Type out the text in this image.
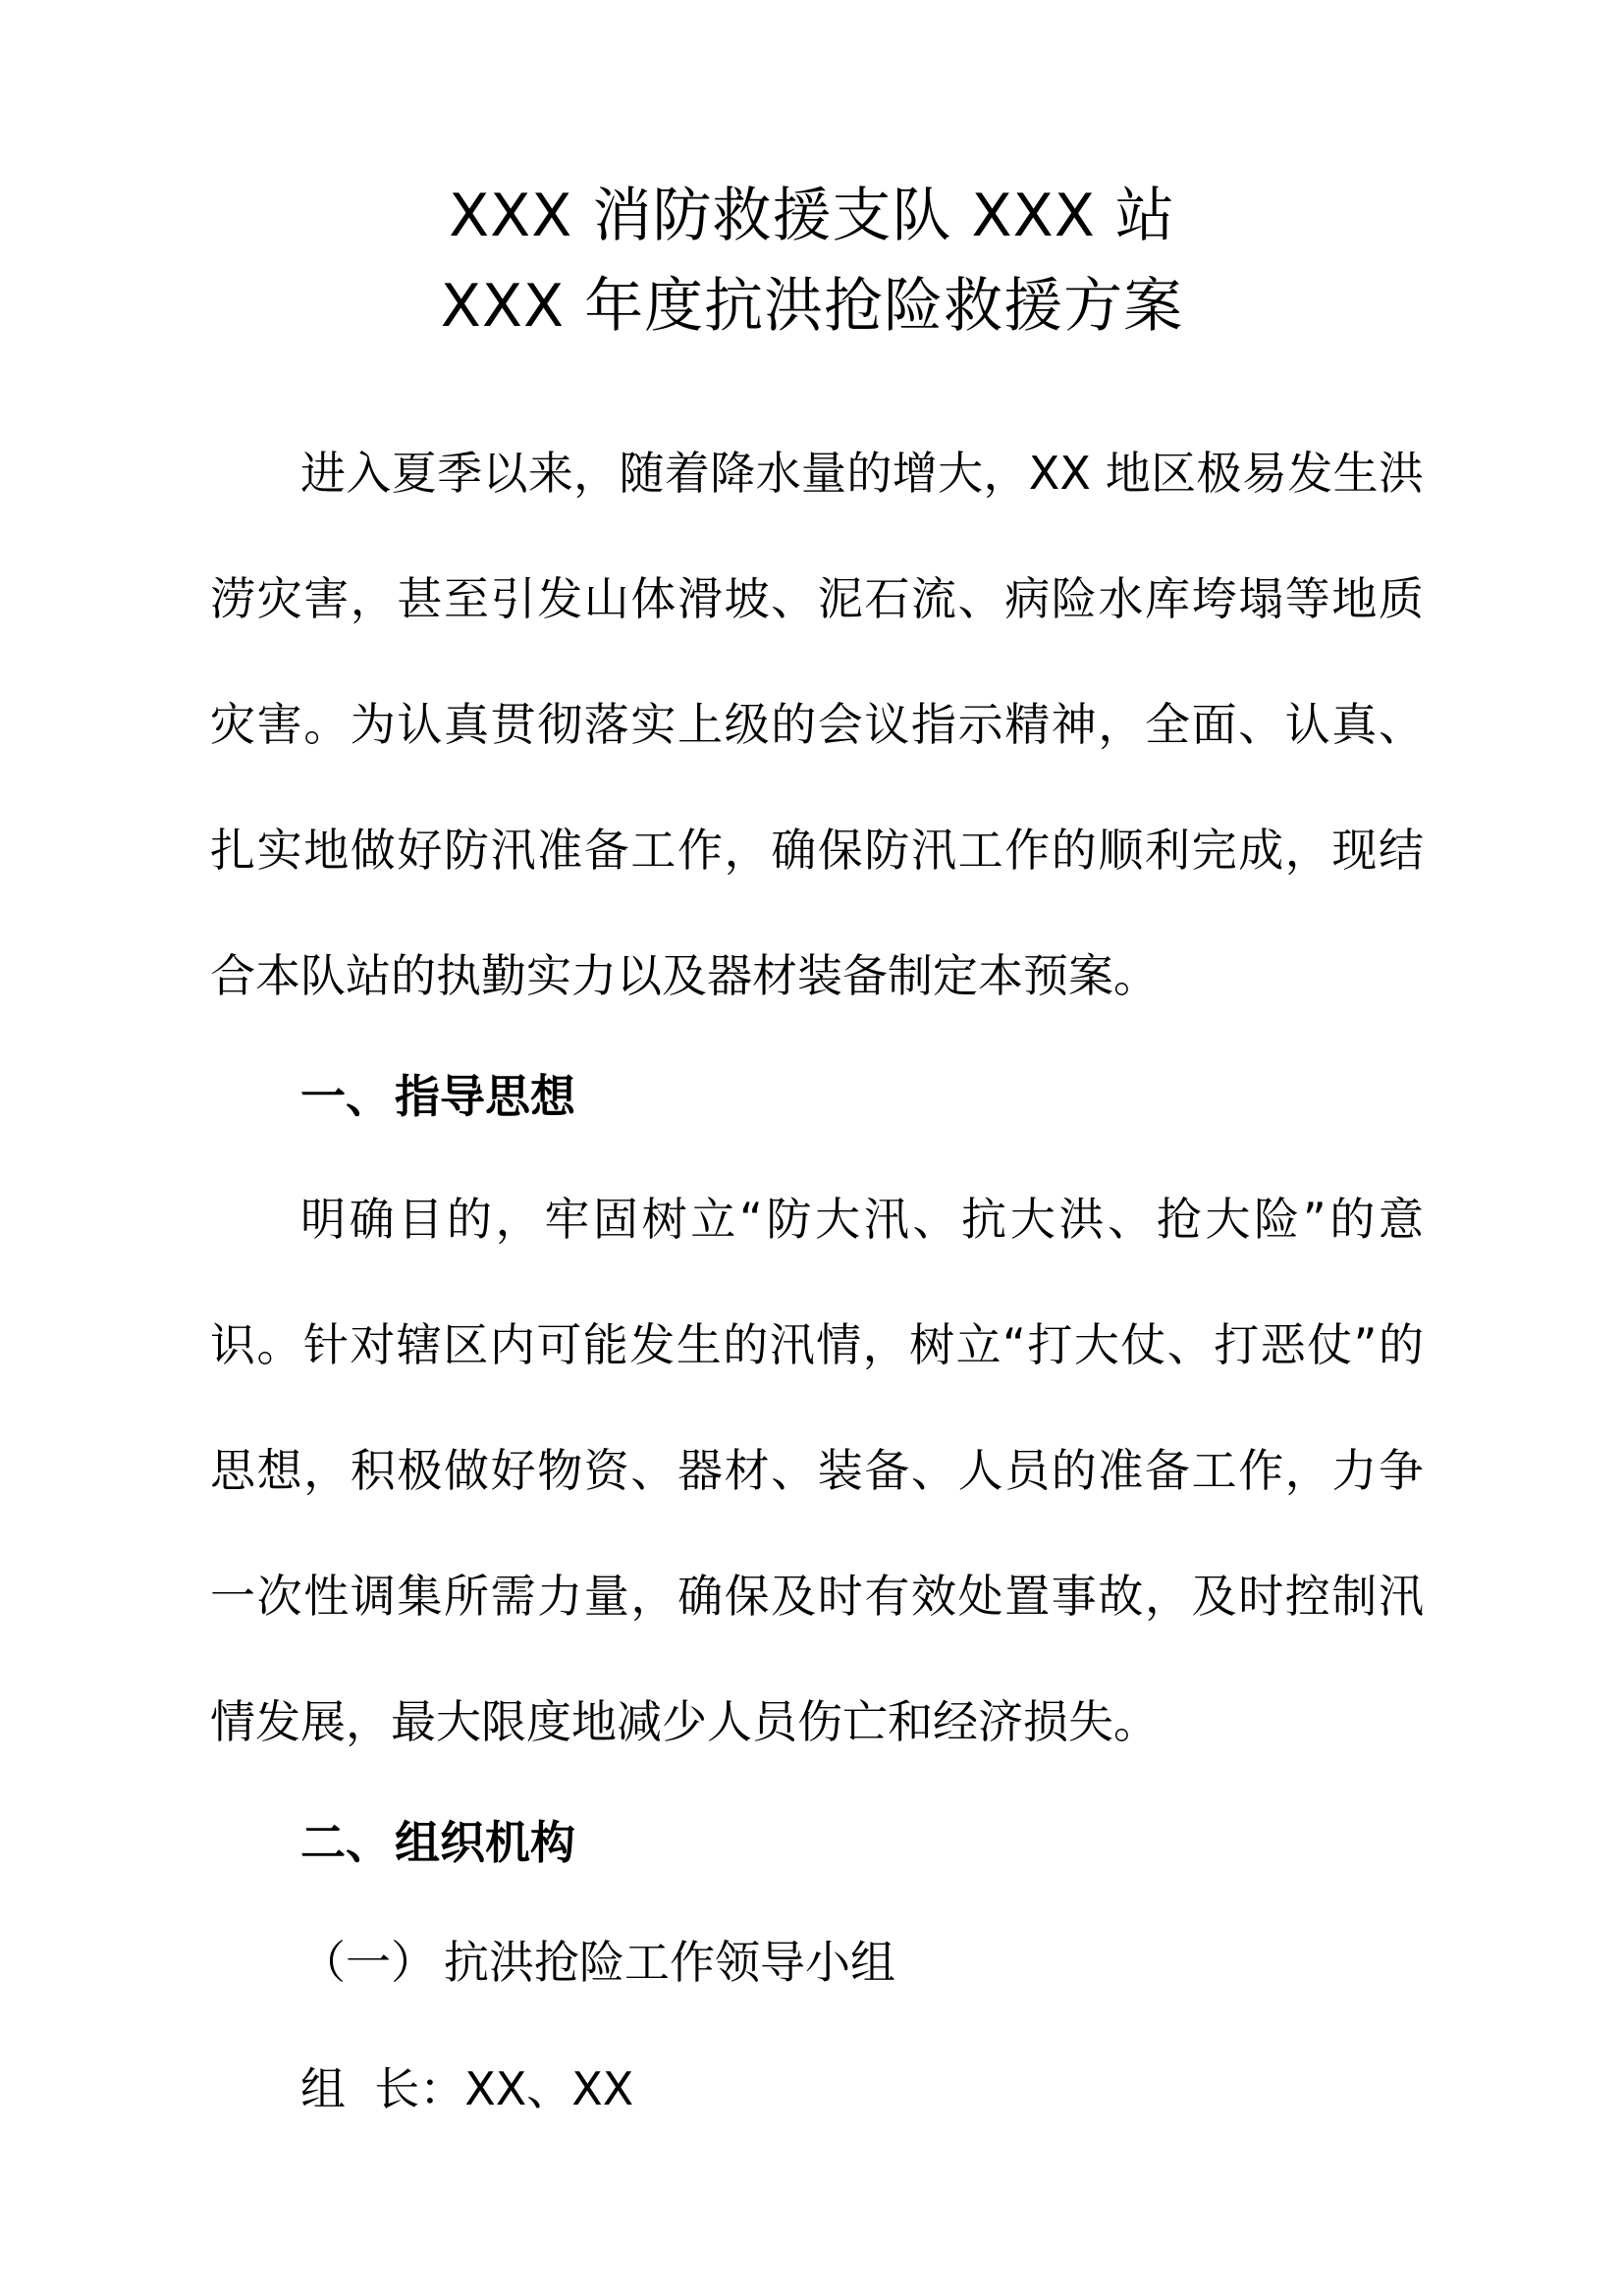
XXX 消防救援支队 XXX 站
XXX 年度抗洪抢险救援方案

进入夏季以来，随着降水量的增大，XX 地区极易发生洪涝灾害，甚至引发山体滑坡、泥石流、病险水库垮塌等地质灾害。为认真贯彻落实上级的会议指示精神，全面、认真、扎实地做好防汛准备工作，确保防汛工作的顺利完成，现结合本队站的执勤实力以及器材装备制定本预案。

一、指导思想

明确目的，牢固树立“防大汛、抗大洪、抢大险”的意识。针对辖区内可能发生的汛情，树立“打大仗、打恶仗”的思想，积极做好物资、器材、装备、人员的准备工作，力争一次性调集所需力量，确保及时有效处置事故，及时控制汛情发展，最大限度地减少人员伤亡和经济损失。

二、组织机构
（一） 抗洪抢险工作领导小组
组  长：XX、XX
